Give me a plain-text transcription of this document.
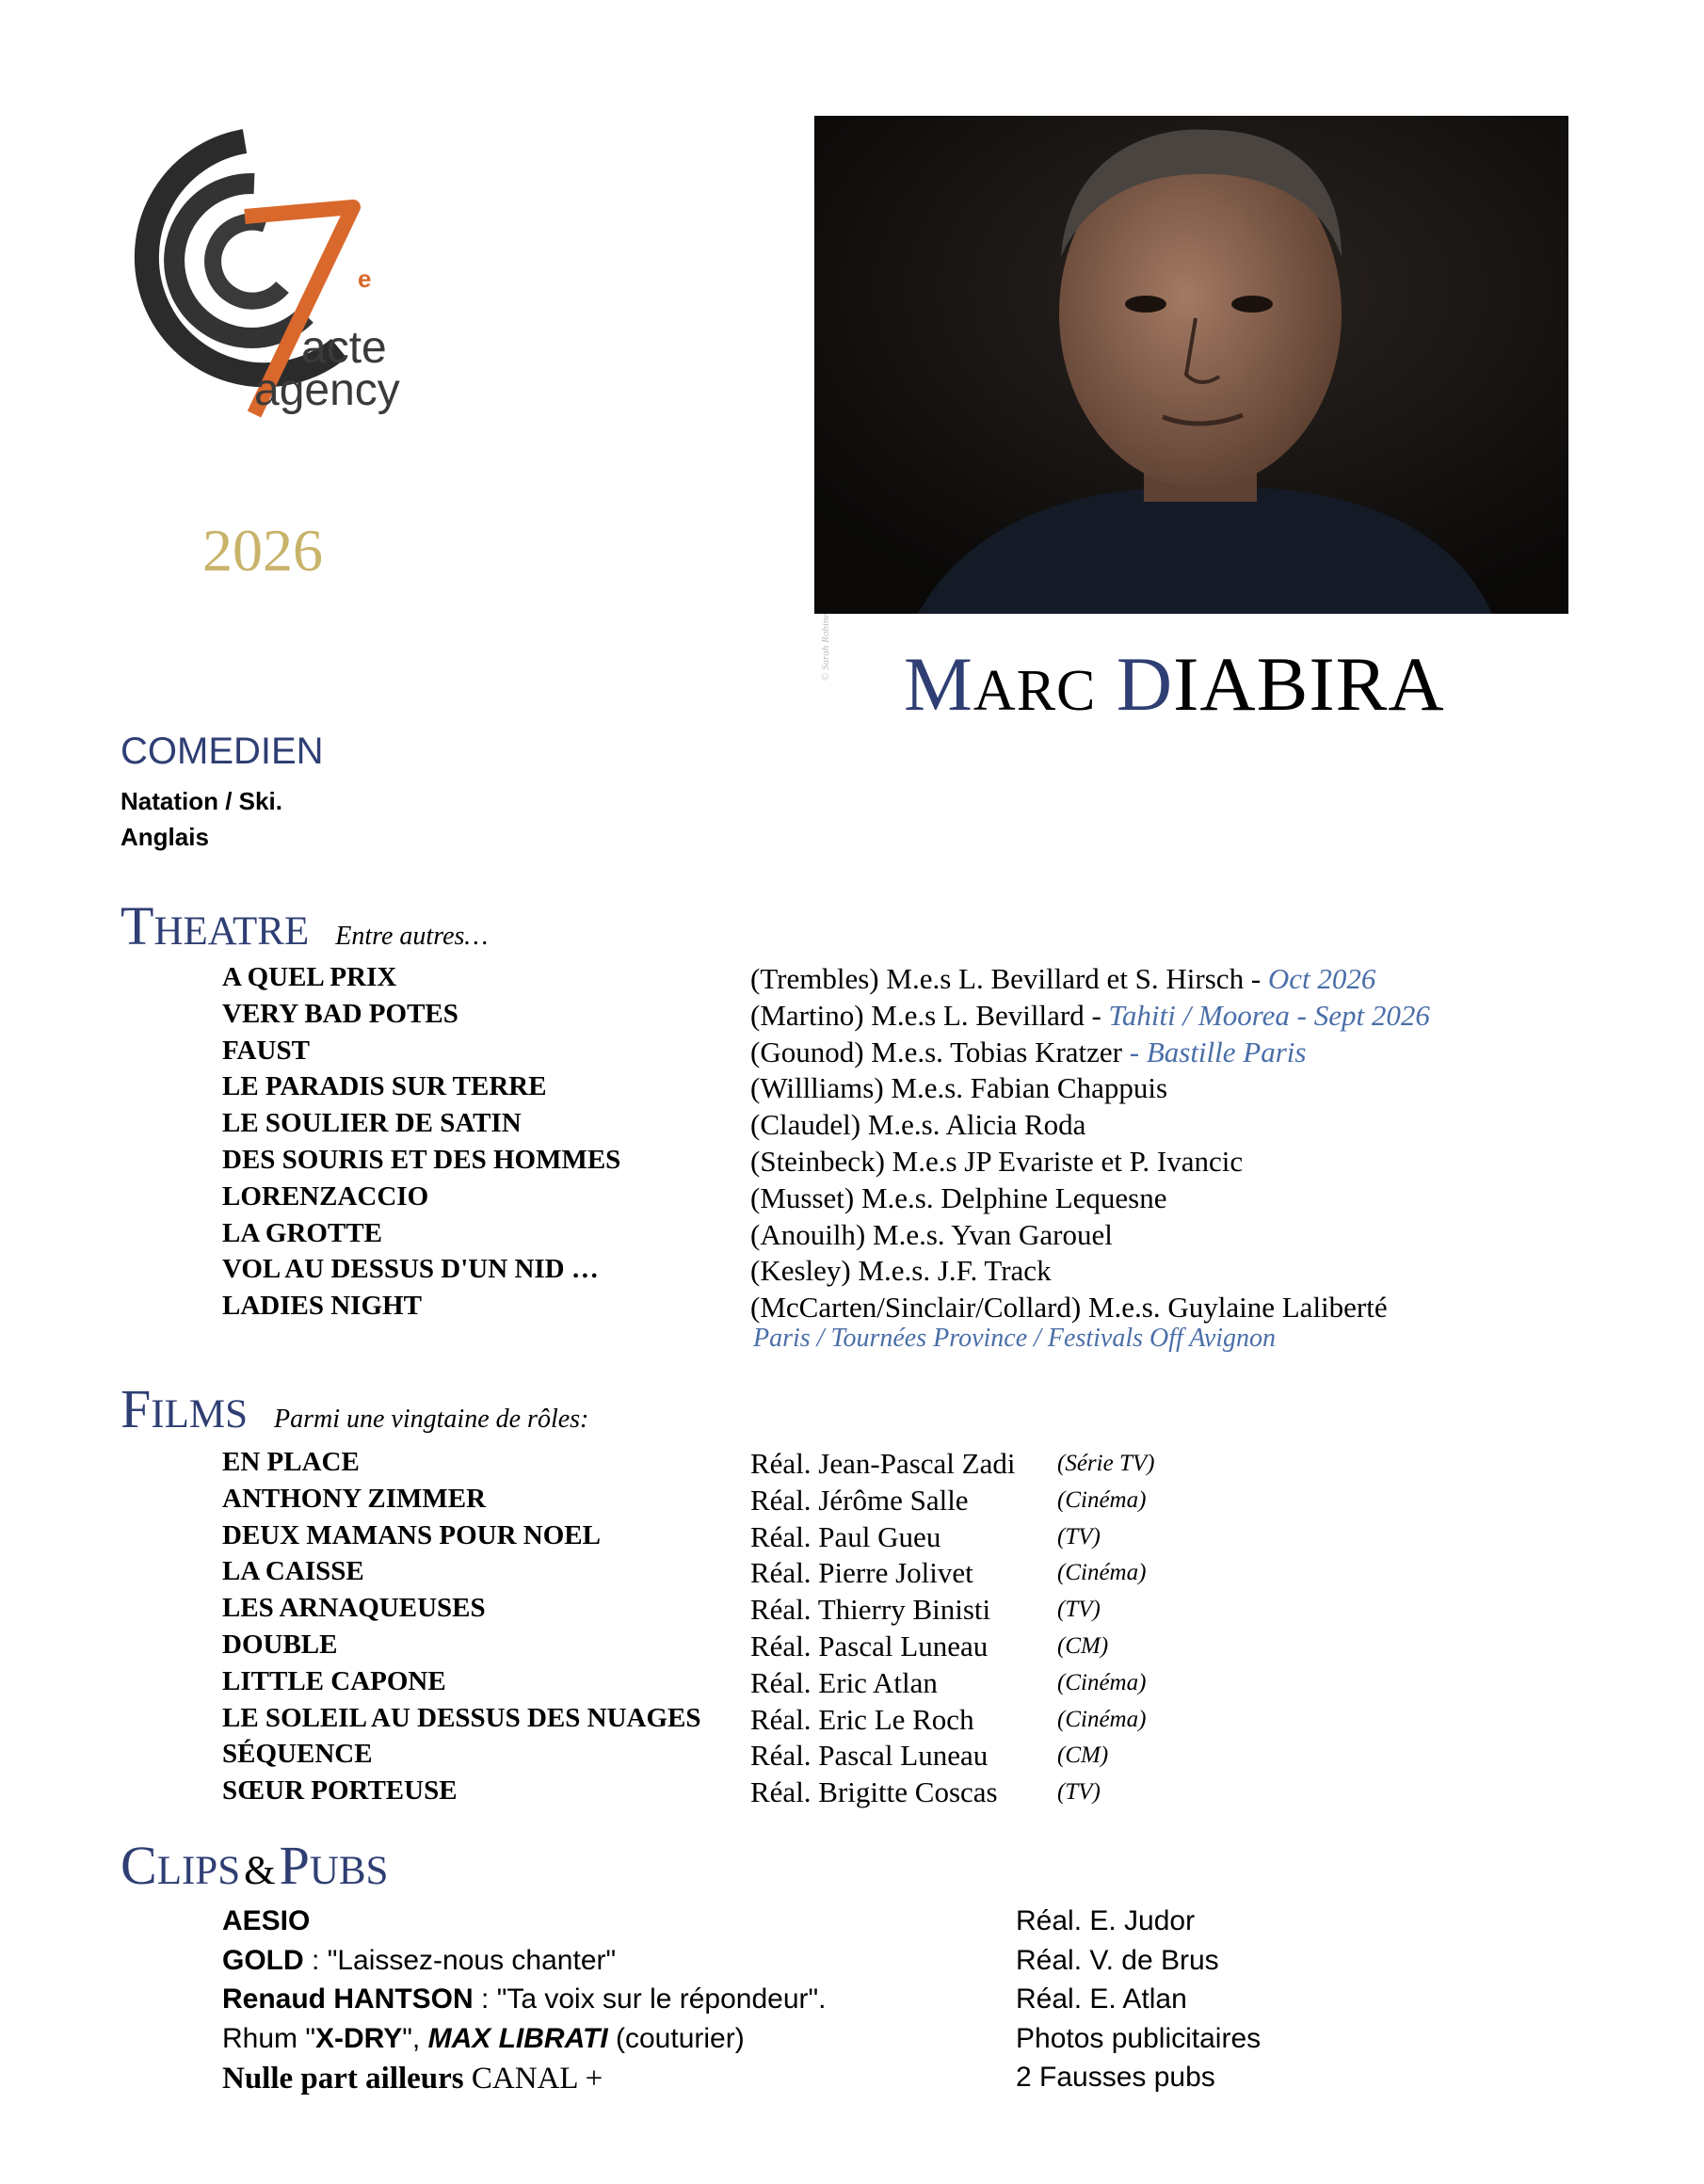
e
acte
agency
2026
© Sarah Robine MARC DIABIRA
COMEDIEN
Natation / Ski.
Anglais
THEATRE Entre autres…
A QUEL PRIX	(Trembles) M.e.s L. Bevillard et S. Hirsch - Oct 2026
VERY BAD POTES	(Martino) M.e.s L. Bevillard - Tahiti / Moorea - Sept 2026
FAUST	(Gounod) M.e.s. Tobias Kratzer - Bastille Paris
LE PARADIS SUR TERRE	(Willliams) M.e.s. Fabian Chappuis
LE SOULIER DE SATIN	(Claudel) M.e.s. Alicia Roda
DES SOURIS ET DES HOMMES	(Steinbeck) M.e.s JP Evariste et P. Ivancic
LORENZACCIO	(Musset) M.e.s. Delphine Lequesne
LA GROTTE	(Anouilh) M.e.s. Yvan Garouel
VOL AU DESSUS D'UN NID …	(Kesley) M.e.s. J.F. Track
LADIES NIGHT	(McCarten/Sinclair/Collard) M.e.s. Guylaine Laliberté
Paris / Tournées Province / Festivals Off Avignon
FILMS Parmi une vingtaine de rôles:
EN PLACE	Réal. Jean-Pascal Zadi (Série TV)
ANTHONY ZIMMER	Réal. Jérôme Salle	(Cinéma)
DEUX MAMANS POUR NOEL	Réal. Paul Gueu	(TV)
LA CAISSE	Réal. Pierre Jolivet	(Cinéma)
LES ARNAQUEUSES	Réal. Thierry Binisti	(TV)
DOUBLE	Réal. Pascal Luneau	(CM)
LITTLE CAPONE	Réal. Eric Atlan	(Cinéma)
LE SOLEIL AU DESSUS DES NUAGES Réal. Eric Le Roch	(Cinéma)
SÉQUENCE	Réal. Pascal Luneau	(CM)
SŒUR PORTEUSE	Réal. Brigitte Coscas	(TV)
CLIPS & PUBS
AESIO	Réal. E. Judor
GOLD : "Laissez-nous chanter"	Réal. V. de Brus
Renaud HANTSON : "Ta voix sur le répondeur".	Réal. E. Atlan
Rhum "X-DRY", MAX LIBRATI (couturier)	Photos publicitaires
Nulle part ailleurs CANAL +	2 Fausses pubs
